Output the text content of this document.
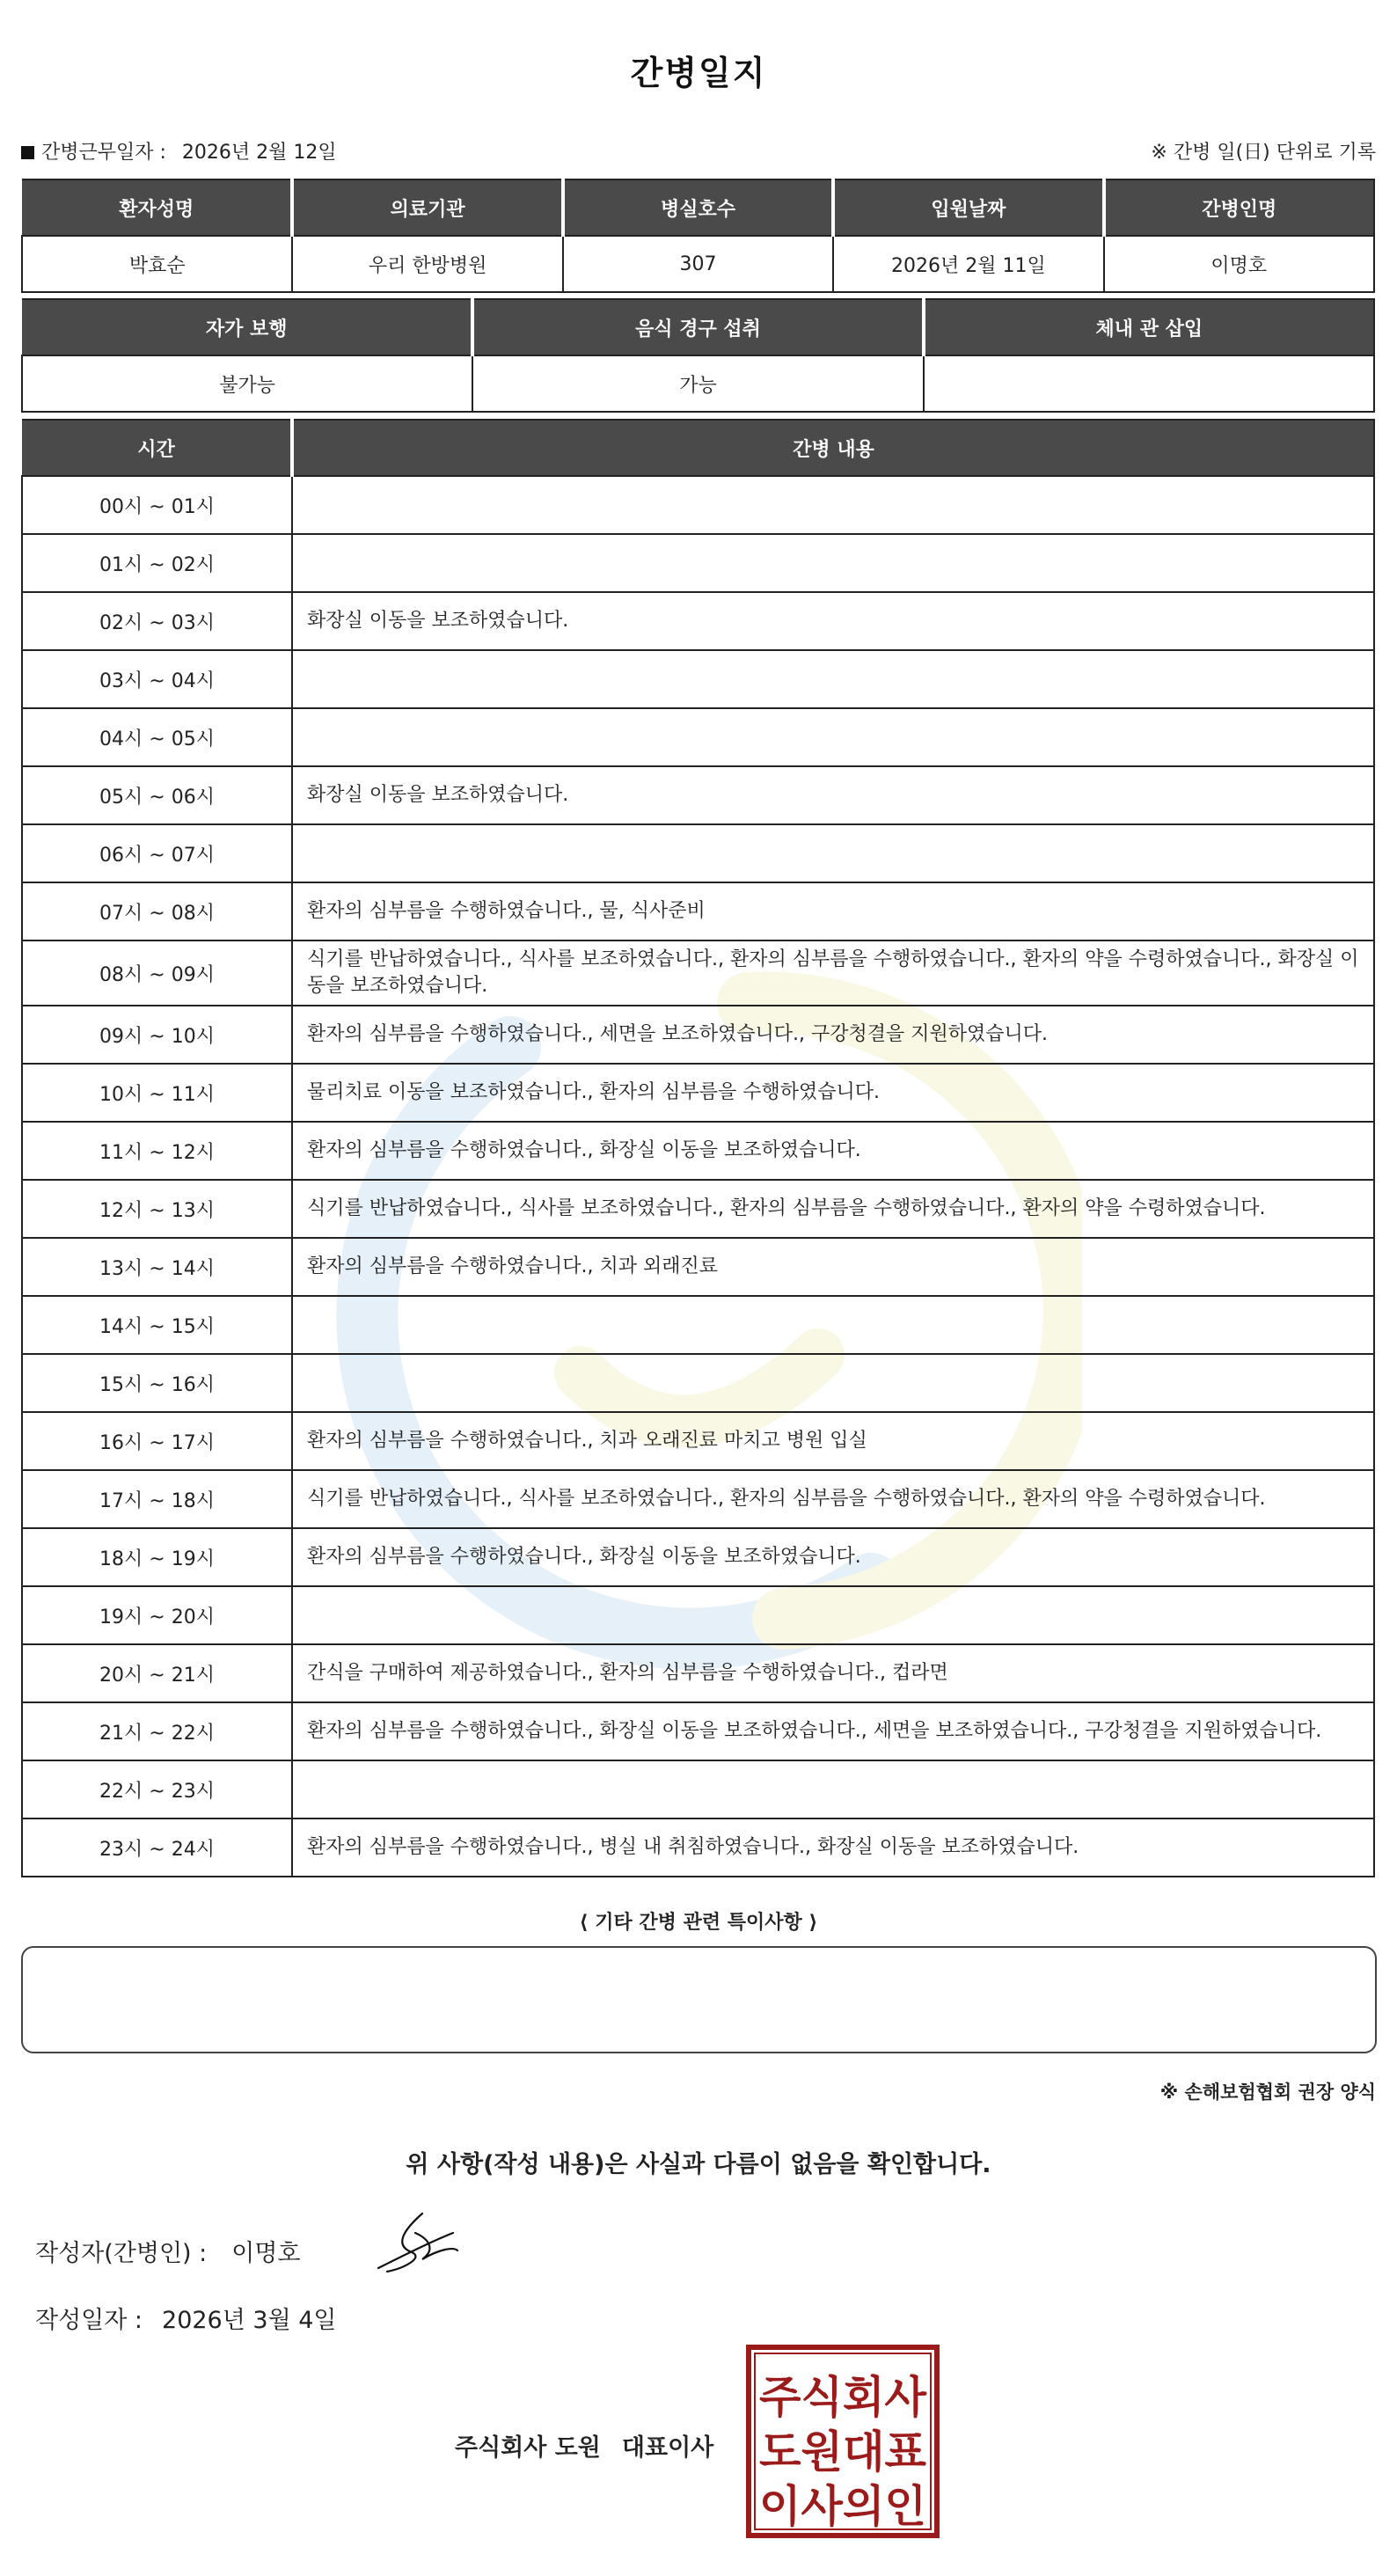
간병일지
간병근무일자 : 2026년 2월 12일	※ 간병 일(日) 단위로 기록
환자성명	의료기관	병실호수	입원날짜	간병인명
박효순	우리 한방병원	307	2026년 2월 11일	이명호
자가 보행	음식 경구 섭취	체내 관 삽입
불가능	가능	
시간	간병 내용
00시 ~ 01시	
01시 ~ 02시	
02시 ~ 03시	화장실 이동을 보조하였습니다.
03시 ~ 04시	
04시 ~ 05시	
05시 ~ 06시	화장실 이동을 보조하였습니다.
06시 ~ 07시	
07시 ~ 08시	환자의 심부름을 수행하였습니다., 물, 식사준비
08시 ~ 09시	식기를 반납하였습니다., 식사를 보조하였습니다., 환자의 심부름을 수행하였습니다., 환자의 약을 수령하였습니다., 화장실 이동을 보조하였습니다.
09시 ~ 10시	환자의 심부름을 수행하였습니다., 세면을 보조하였습니다., 구강청결을 지원하였습니다.
10시 ~ 11시	물리치료 이동을 보조하였습니다., 환자의 심부름을 수행하였습니다.
11시 ~ 12시	환자의 심부름을 수행하였습니다., 화장실 이동을 보조하였습니다.
12시 ~ 13시	식기를 반납하였습니다., 식사를 보조하였습니다., 환자의 심부름을 수행하였습니다., 환자의 약을 수령하였습니다.
13시 ~ 14시	환자의 심부름을 수행하였습니다., 치과 외래진료
14시 ~ 15시	
15시 ~ 16시	
16시 ~ 17시	환자의 심부름을 수행하였습니다., 치과 오래진료 마치고 병원 입실
17시 ~ 18시	식기를 반납하였습니다., 식사를 보조하였습니다., 환자의 심부름을 수행하였습니다., 환자의 약을 수령하였습니다.
18시 ~ 19시	환자의 심부름을 수행하였습니다., 화장실 이동을 보조하였습니다.
19시 ~ 20시	
20시 ~ 21시	간식을 구매하여 제공하였습니다., 환자의 심부름을 수행하였습니다., 컵라면
21시 ~ 22시	환자의 심부름을 수행하였습니다., 화장실 이동을 보조하였습니다., 세면을 보조하였습니다., 구강청결을 지원하였습니다.
22시 ~ 23시	
23시 ~ 24시	환자의 심부름을 수행하였습니다., 병실 내 취침하였습니다., 화장실 이동을 보조하였습니다.
⟨ 기타 간병 관련 특이사항 ⟩
※ 손해보험협회 권장 양식
위 사항(작성 내용)은 사실과 다름이 없음을 확인합니다.
작성자(간병인) : 이명호
작성일자 : 2026년 3월 4일
주식회사 도원 대표이사
주식회사
도원대표
이사의인
